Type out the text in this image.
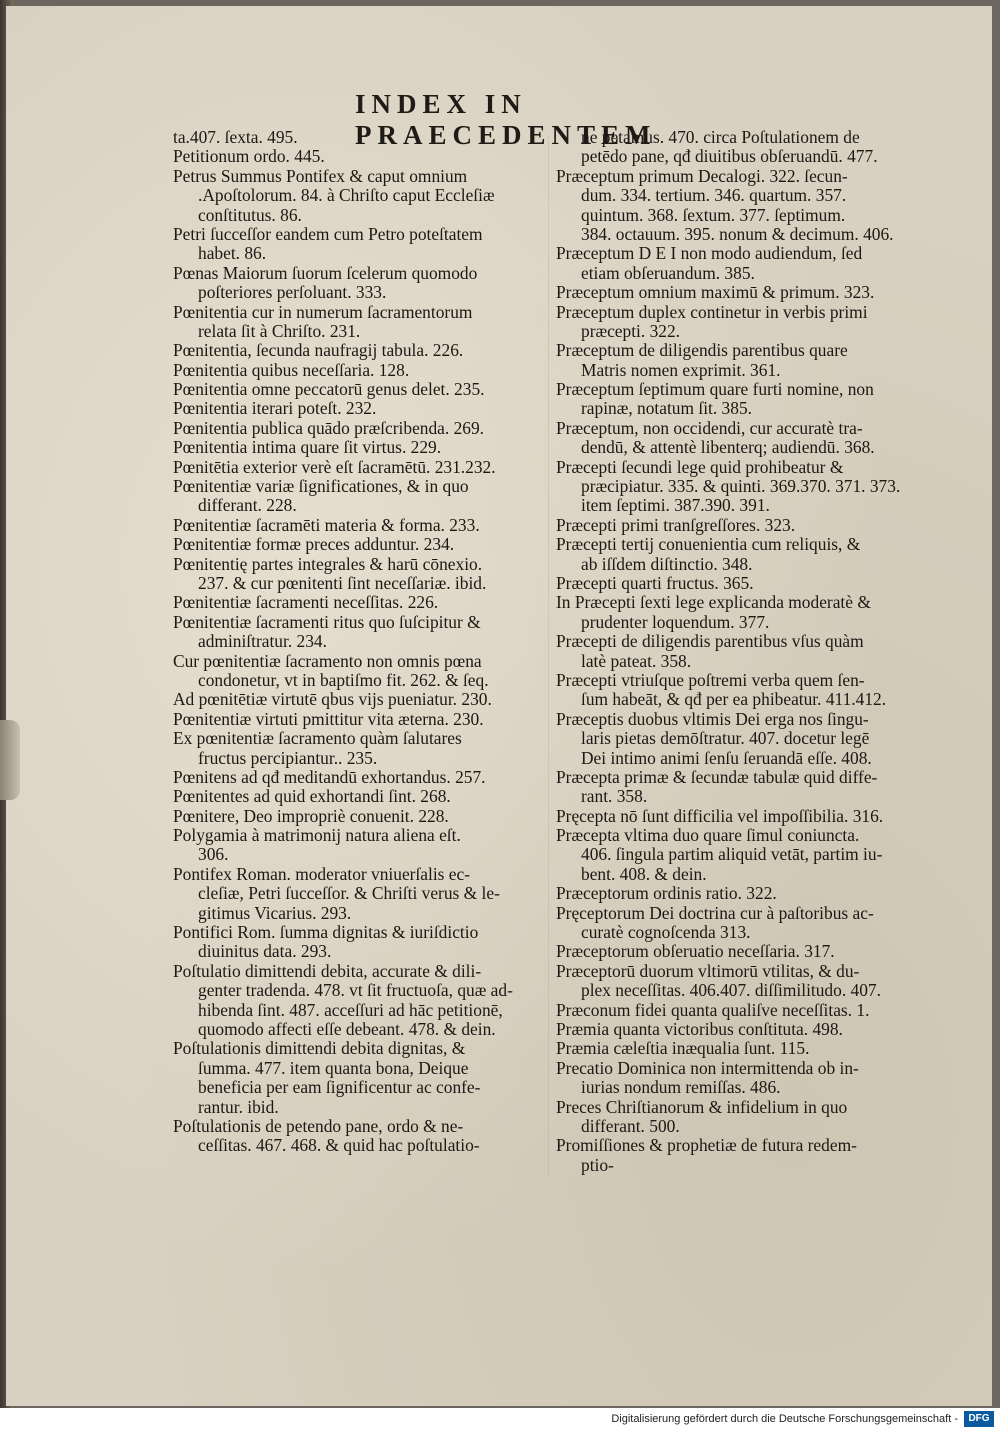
INDEX IN PRAECEDENTEM
ta.407. ſexta. 495.
Petitionum ordo. 445.
Petrus Summus Pontifex & caput omnium
.Apoſtolorum. 84. à Chriſto caput Eccleſiæ
conſtitutus. 86.
Petri ſucceſſor eandem cum Petro poteſtatem
habet. 86.
Pœnas Maiorum ſuorum ſcelerum quomodo
poſteriores perſoluant. 333.
Pœnitentia cur in numerum ſacramentorum
relata ſit à Chriſto. 231.
Pœnitentia, ſecunda naufragij tabula. 226.
Pœnitentia quibus neceſſaria. 128.
Pœnitentia omne peccatorū genus delet. 235.
Pœnitentia iterari poteſt. 232.
Pœnitentia publica quādo præſcribenda. 269.
Pœnitentia intima quare ſit virtus. 229.
Pœnitētia exterior verè eſt ſacramētū. 231.232.
Pœnitentiæ variæ ſignificationes, & in quo
differant. 228.
Pœnitentiæ ſacramēti materia & forma. 233.
Pœnitentiæ formæ preces adduntur. 234.
Pœnitentię partes integrales & harū cōnexio.
237. & cur pœnitenti ſint neceſſariæ. ibid.
Pœnitentiæ ſacramenti neceſſitas. 226.
Pœnitentiæ ſacramenti ritus quo ſuſcipitur &
adminiſtratur. 234.
Cur pœnitentiæ ſacramento non omnis pœna
condonetur, vt in baptiſmo fit. 262. & ſeq.
Ad pœnitētiæ virtutē qbus vijs pueniatur. 230.
Pœnitentiæ virtuti pmittitur vita æterna. 230.
Ex pœnitentiæ ſacramento quàm ſalutares
fructus percipiantur.. 235.
Pœnitens ad qđ meditandū exhortandus. 257.
Pœnitentes ad quid exhortandi ſint. 268.
Pœnitere, Deo impropriè conuenit. 228.
Polygamia à matrimonij natura aliena eſt.
306.
Pontifex Roman. moderator vniuerſalis ec-
cleſiæ, Petri ſucceſſor. & Chriſti verus & le-
gitimus Vicarius. 293.
Pontifici Rom. ſumma dignitas & iuriſdictio
diuinitus data. 293.
Poſtulatio dimittendi debita, accurate & dili-
genter tradenda. 478. vt ſit fructuoſa, quæ ad-
hibenda ſint. 487. acceſſuri ad hāc petitionē,
quomodo affecti eſſe debeant. 478. & dein.
Poſtulationis dimittendi debita dignitas, &
ſumma. 477. item quanta bona, Deique
beneficia per eam ſignificentur ac confe-
rantur. ibid.
Poſtulationis de petendo pane, ordo & ne-
ceſſitas. 467. 468. & quid hac poſtulatio-
ne petamus. 470. circa Poſtulationem de
petēdo pane, qđ diuitibus obſeruandū. 477.
Præceptum primum Decalogi. 322. ſecun-
dum. 334. tertium. 346. quartum. 357.
quintum. 368. ſextum. 377. ſeptimum.
384. octauum. 395. nonum & decimum. 406.
Præceptum D E I non modo audiendum, ſed
etiam obſeruandum. 385.
Præceptum omnium maximū & primum. 323.
Præceptum duplex continetur in verbis primi
præcepti. 322.
Præceptum de diligendis parentibus quare
Matris nomen exprimit. 361.
Præceptum ſeptimum quare furti nomine, non
rapinæ, notatum ſit. 385.
Præceptum, non occidendi, cur accuratè tra-
dendū, & attentè libenterq; audiendū. 368.
Præcepti ſecundi lege quid prohibeatur &
præcipiatur. 335. & quinti. 369.370. 371. 373.
item ſeptimi. 387.390. 391.
Præcepti primi tranſgreſſores. 323.
Præcepti tertij conuenientia cum reliquis, &
ab iſſdem diſtinctio. 348.
Præcepti quarti fructus. 365.
In Præcepti ſexti lege explicanda moderatè &
prudenter loquendum. 377.
Præcepti de diligendis parentibus vſus quàm
latè pateat. 358.
Præcepti vtriuſque poſtremi verba quem ſen-
ſum habeāt, & qđ per ea phibeatur. 411.412.
Præceptis duobus vltimis Dei erga nos ſingu-
laris pietas demōſtratur. 407. docetur legē
Dei intimo animi ſenſu ſeruandā eſſe. 408.
Præcepta primæ & ſecundæ tabulæ quid diffe-
rant. 358.
Pręcepta nō ſunt difficilia vel impoſſibilia. 316.
Præcepta vltima duo quare ſimul coniuncta.
406. ſingula partim aliquid vetāt, partim iu-
bent. 408. & dein.
Præceptorum ordinis ratio. 322.
Pręceptorum Dei doctrina cur à paſtoribus ac-
curatè cognoſcenda 313.
Præceptorum obſeruatio neceſſaria. 317.
Præceptorū duorum vltimorū vtilitas, & du-
plex neceſſitas. 406.407. diſſimilitudo. 407.
Præconum fidei quanta qualiſve neceſſitas. 1.
Præmia quanta victoribus conſtituta. 498.
Præmia cæleſtia inæqualia ſunt. 115.
Precatio Dominica non intermittenda ob in-
iurias nondum remiſſas. 486.
Preces Chriſtianorum & infidelium in quo
differant. 500.
Promiſſiones & prophetiæ de futura redem-
ptio-
Digitalisierung gefördert durch die Deutsche Forschungsgemeinschaft -	DFG
